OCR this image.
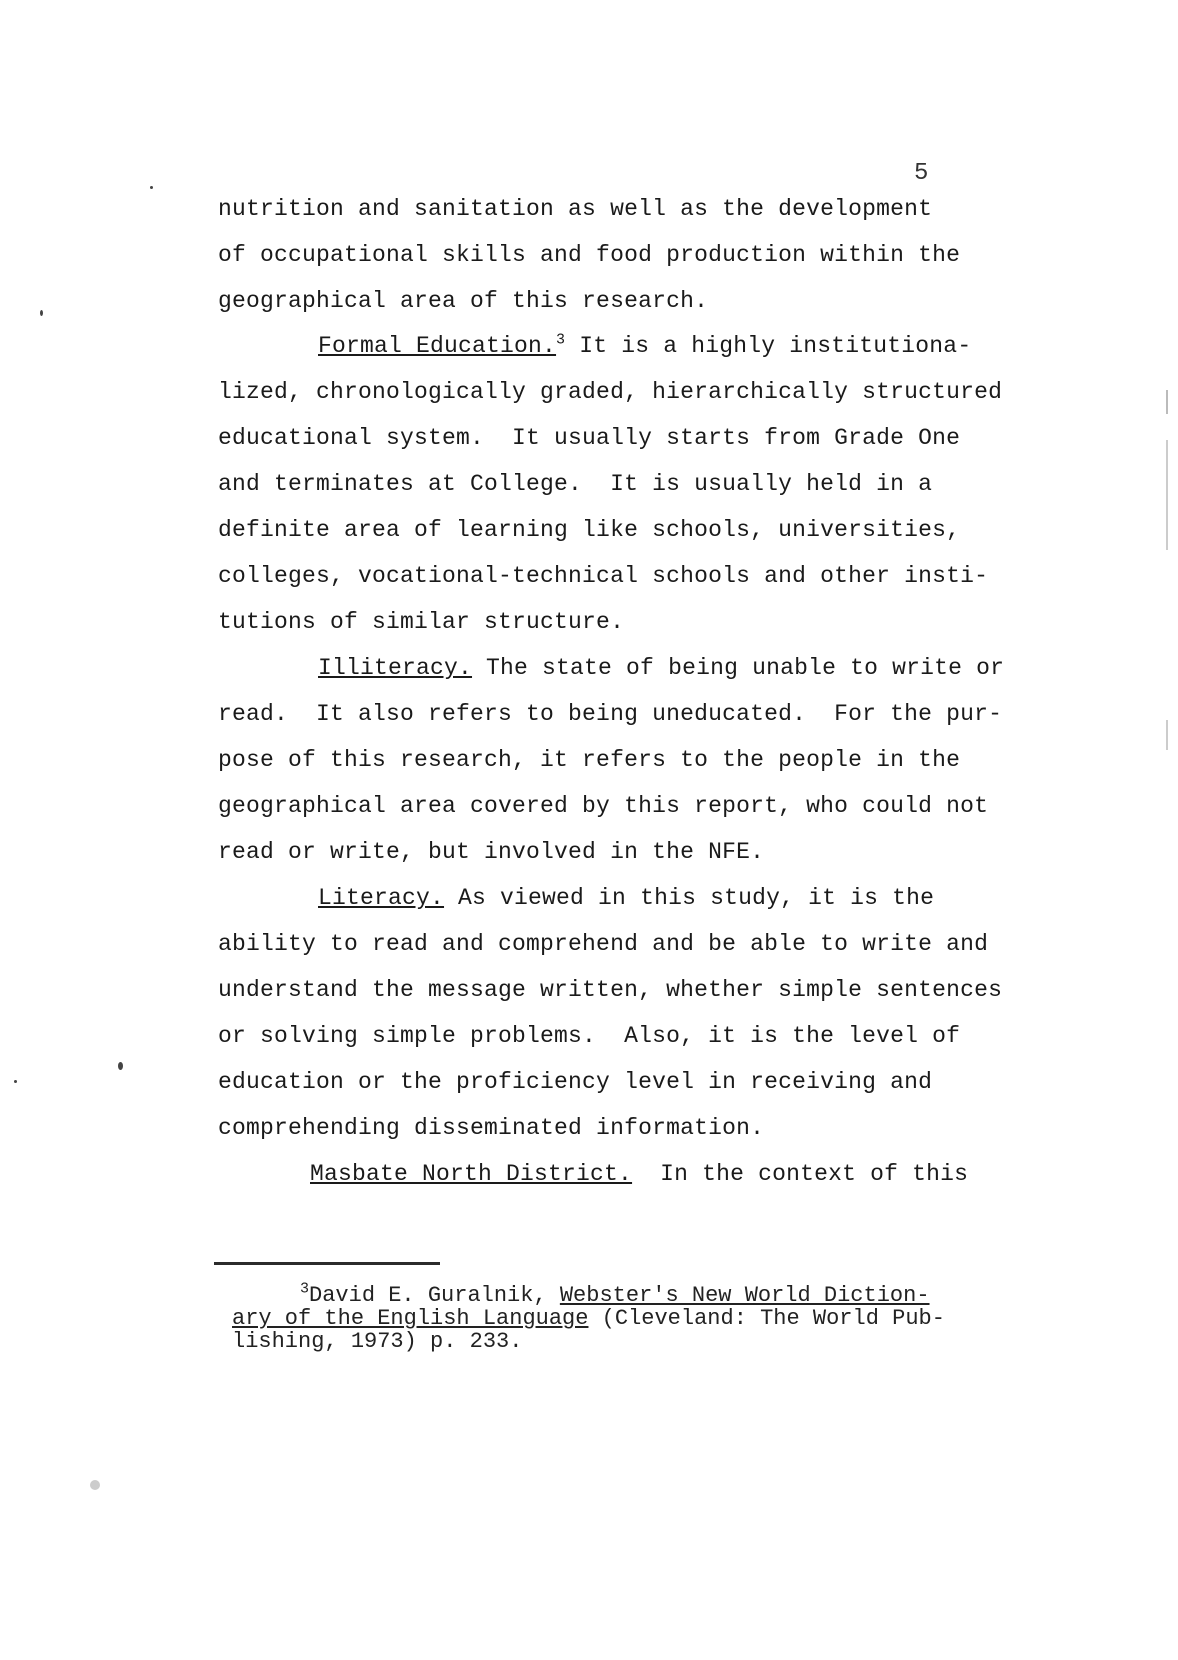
5
nutrition and sanitation as well as the development
of occupational skills and food production within the
geographical area of this research.
Formal Education.$^3$ It is a highly institutiona-
lized, chronologically graded, hierarchically structured
educational system.  It usually starts from Grade One
and terminates at College.  It is usually held in a
definite area of learning like schools, universities,
colleges, vocational-technical schools and other insti-
tutions of similar structure.
Illiteracy. The state of being unable to write or
read.  It also refers to being uneducated.  For the pur-
pose of this research, it refers to the people in the
geographical area covered by this report, who could not
read or write, but involved in the NFE.
Literacy. As viewed in this study, it is the
ability to read and comprehend and be able to write and
understand the message written, whether simple sentences
or solving simple problems.  Also, it is the level of
education or the proficiency level in receiving and
comprehending disseminated information.
Masbate North District.  In the context of this
$^3$David E. Guralnik, Webster's New World Diction-
ary of the English Language (Cleveland: The World Pub-
lishing, 1973) p. 233.
